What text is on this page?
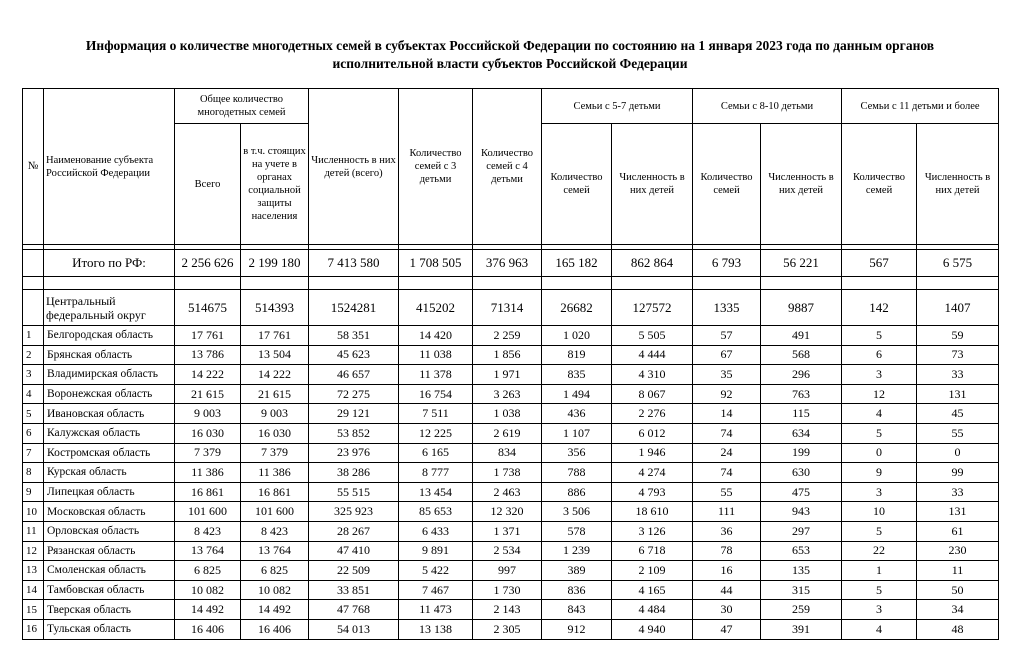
Информация о количестве многодетных семей в субъектах Российской Федерации по состоянию на 1 января 2023 года по данным органов
исполнительной власти субъектов Российской Федерации
№	Наименование субъекта Российской Федерации	Общее количество многодетных семей		Численность в них детей (всего)	Количество семей с 3 детьми	Количество семей с 4 детьми	Семьи с 5-7 детьми		Семьи с 8-10 детьми		Семьи с 11 детьми и более	
		Всего	в т.ч. стоящих на учете в органах социальной защиты населения				Количество семей	Численность в них детей	Количество семей	Численность в них детей	Количество семей	Численность в них детей

	Итого по РФ:	2 256 626	2 199 180	7 413 580	1 708 505	376 963	165 182	862 864	6 793	56 221	567	6 575

	Центральный федеральный округ	514675	514393	1524281	415202	71314	26682	127572	1335	9887	142	1407
1	Белгородская область	17 761	17 761	58 351	14 420	2 259	1 020	5 505	57	491	5	59
2	Брянская область	13 786	13 504	45 623	11 038	1 856	819	4 444	67	568	6	73
3	Владимирская область	14 222	14 222	46 657	11 378	1 971	835	4 310	35	296	3	33
4	Воронежская область	21 615	21 615	72 275	16 754	3 263	1 494	8 067	92	763	12	131
5	Ивановская область	9 003	9 003	29 121	7 511	1 038	436	2 276	14	115	4	45
6	Калужская область	16 030	16 030	53 852	12 225	2 619	1 107	6 012	74	634	5	55
7	Костромская область	7 379	7 379	23 976	6 165	834	356	1 946	24	199	0	0
8	Курская область	11 386	11 386	38 286	8 777	1 738	788	4 274	74	630	9	99
9	Липецкая область	16 861	16 861	55 515	13 454	2 463	886	4 793	55	475	3	33
10	Московская область	101 600	101 600	325 923	85 653	12 320	3 506	18 610	111	943	10	131
11	Орловская область	8 423	8 423	28 267	6 433	1 371	578	3 126	36	297	5	61
12	Рязанская область	13 764	13 764	47 410	9 891	2 534	1 239	6 718	78	653	22	230
13	Смоленская область	6 825	6 825	22 509	5 422	997	389	2 109	16	135	1	11
14	Тамбовская область	10 082	10 082	33 851	7 467	1 730	836	4 165	44	315	5	50
15	Тверская область	14 492	14 492	47 768	11 473	2 143	843	4 484	30	259	3	34
16	Тульская область	16 406	16 406	54 013	13 138	2 305	912	4 940	47	391	4	48
